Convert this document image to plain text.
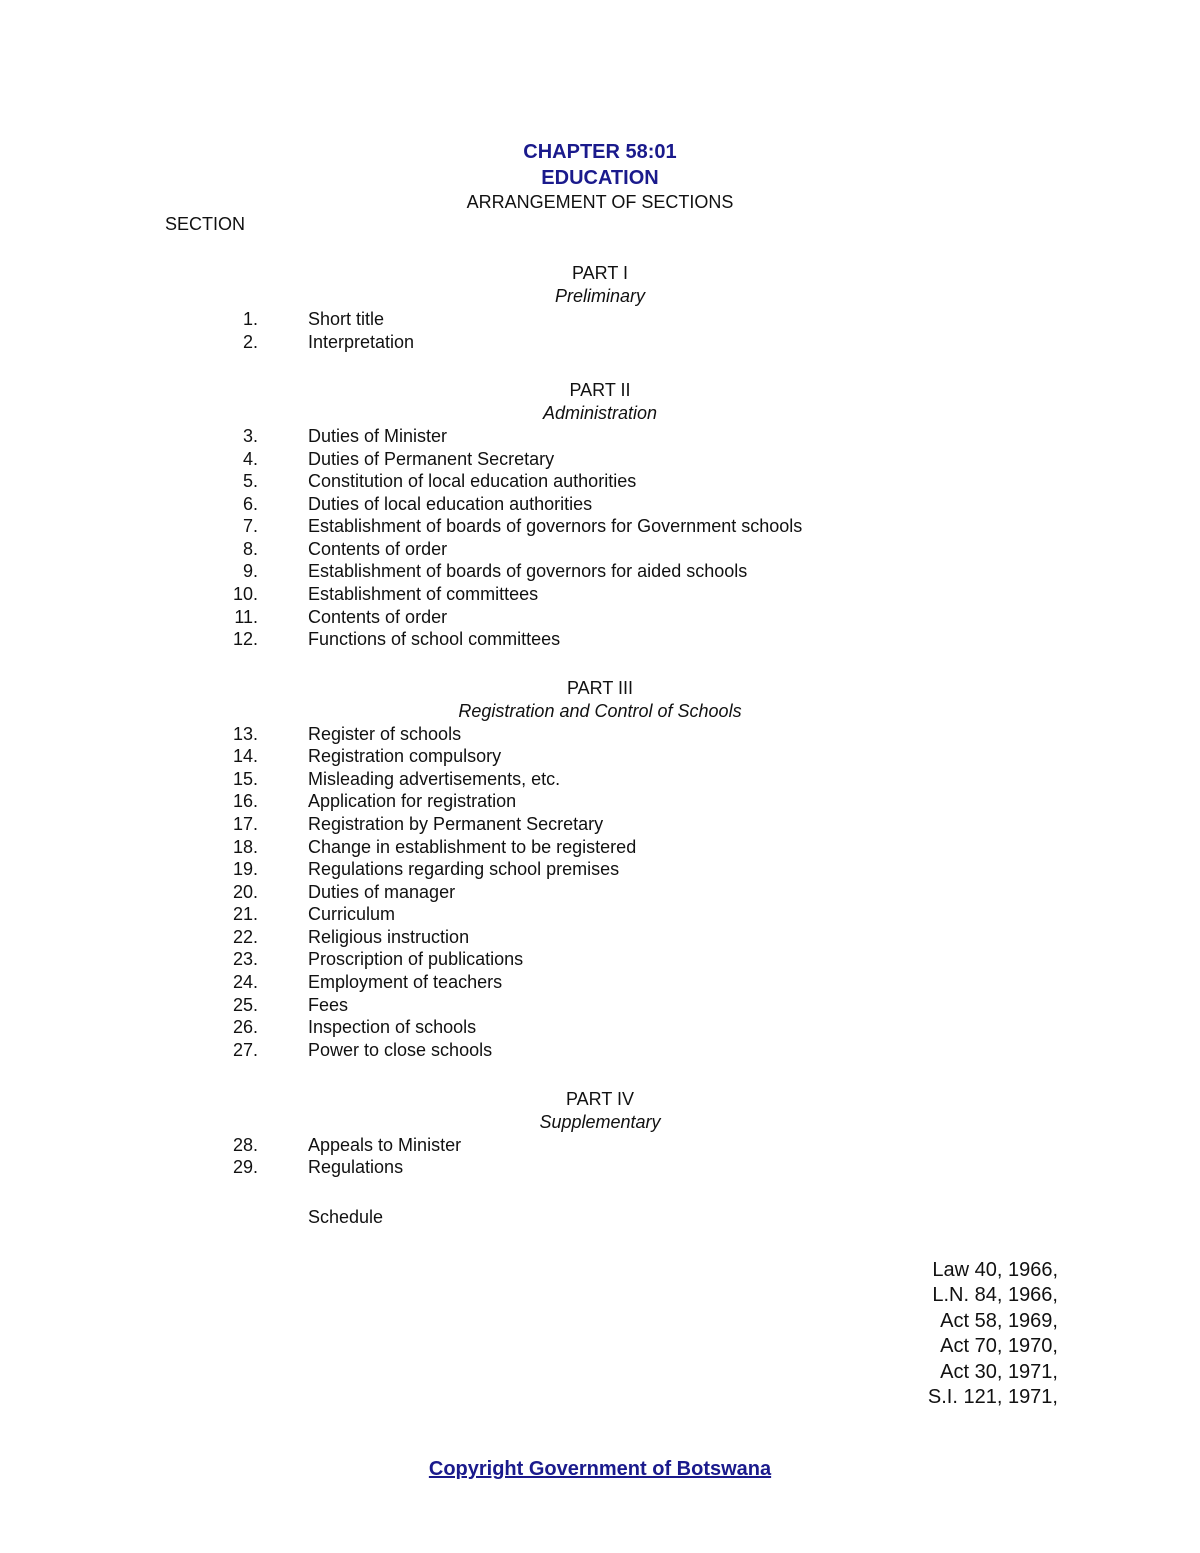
CHAPTER 58:01
EDUCATION
ARRANGEMENT OF SECTIONS
SECTION
PART I
Preliminary
1.	Short title
2.	Interpretation
PART II
Administration
3.	Duties of Minister
4.	Duties of Permanent Secretary
5.	Constitution of local education authorities
6.	Duties of local education authorities
7.	Establishment of boards of governors for Government schools
8.	Contents of order
9.	Establishment of boards of governors for aided schools
10.	Establishment of committees
11.	Contents of order
12.	Functions of school committees
PART III
Registration and Control of Schools
13.	Register of schools
14.	Registration compulsory
15.	Misleading advertisements, etc.
16.	Application for registration
17.	Registration by Permanent Secretary
18.	Change in establishment to be registered
19.	Regulations regarding school premises
20.	Duties of manager
21.	Curriculum
22.	Religious instruction
23.	Proscription of publications
24.	Employment of teachers
25.	Fees
26.	Inspection of schools
27.	Power to close schools
PART IV
Supplementary
28.	Appeals to Minister
29.	Regulations
Schedule
Law 40, 1966,
L.N. 84, 1966,
Act 58, 1969,
Act 70, 1970,
Act 30, 1971,
S.I. 121, 1971,
Copyright Government of Botswana
